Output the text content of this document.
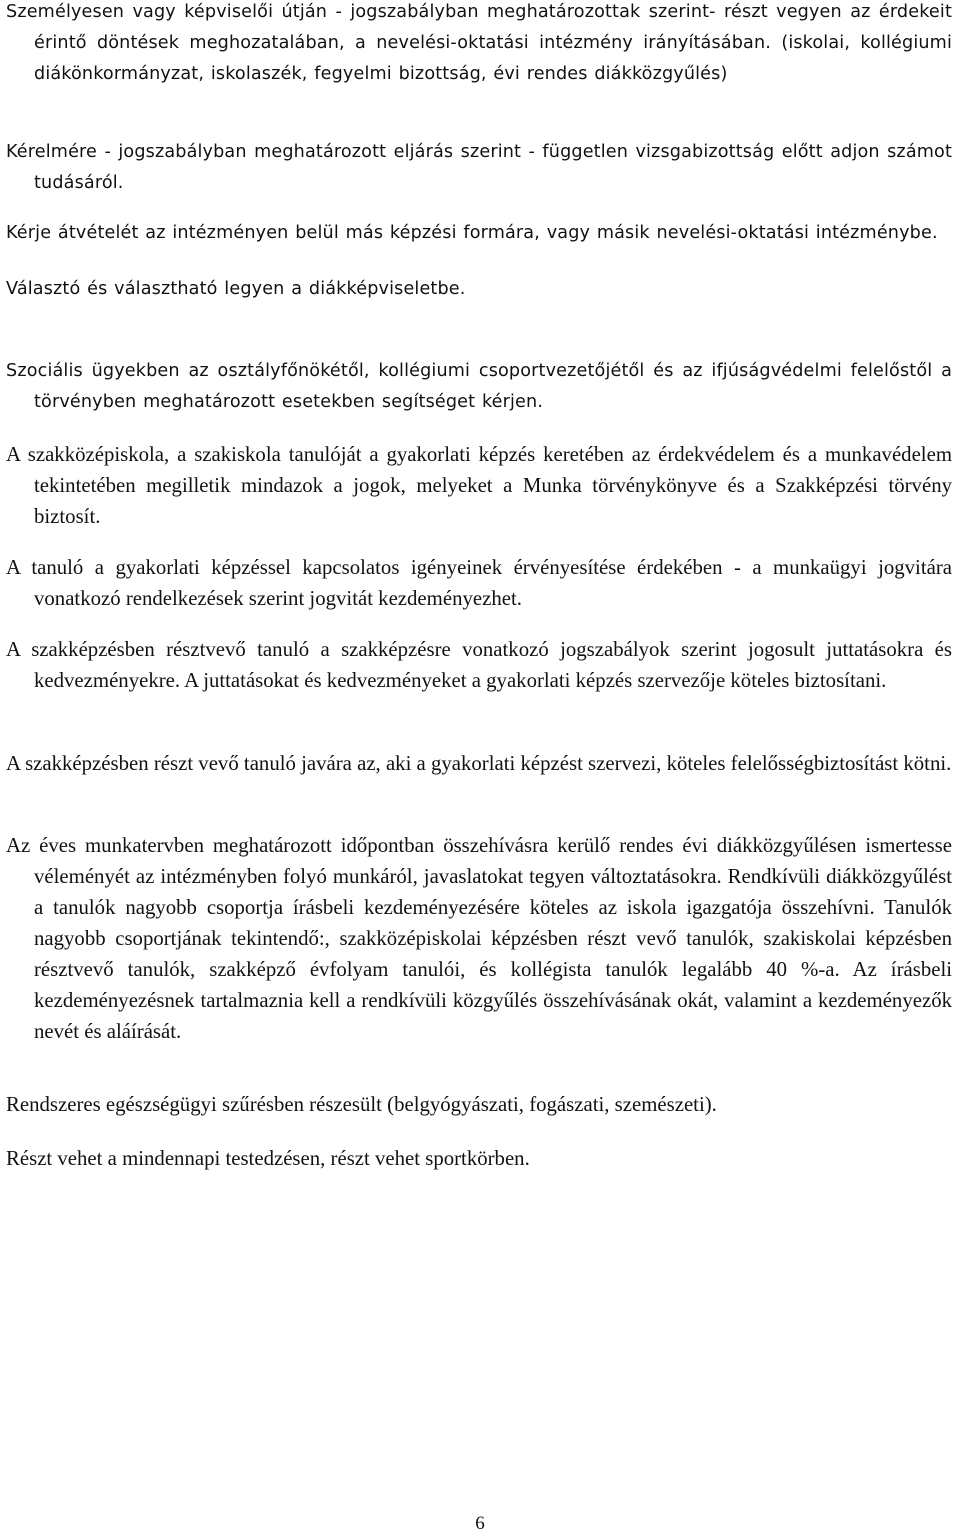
Személyesen vagy képviselői útján - jogszabályban meghatározottak szerint- részt vegyen az érdekeit érintő döntések meghozatalában, a nevelési-oktatási intézmény irányításában. (iskolai, kollégiumi diákönkormányzat, iskolaszék, fegyelmi bizottság, évi rendes diákközgyűlés)

Kérelmére - jogszabályban meghatározott eljárás szerint - független vizsgabizottság előtt adjon számot tudásáról.

Kérje átvételét az intézményen belül más képzési formára, vagy másik nevelési-oktatási intézménybe.

Választó és választható legyen a diákképviseletbe.

Szociális ügyekben az osztályfőnökétől, kollégiumi csoportvezetőjétől és az ifjúságvédelmi felelőstől a törvényben meghatározott esetekben segítséget kérjen.

A szakközépiskola, a szakiskola tanulóját a gyakorlati képzés keretében az érdekvédelem és a munkavédelem tekintetében megilletik mindazok a jogok, melyeket a Munka törvénykönyve és a Szakképzési törvény biztosít.

A tanuló a gyakorlati képzéssel kapcsolatos igényeinek érvényesítése érdekében - a munkaügyi jogvitára vonatkozó rendelkezések szerint jogvitát kezdeményezhet.

A szakképzésben résztvevő tanuló a szakképzésre vonatkozó jogszabályok szerint jogosult juttatásokra és kedvezményekre. A juttatásokat és kedvezményeket a gyakorlati képzés szervezője köteles biztosítani.

A szakképzésben részt vevő tanuló javára az, aki a gyakorlati képzést szervezi, köteles felelősségbiztosítást kötni.

Az éves munkatervben meghatározott időpontban összehívásra kerülő rendes évi diákközgyűlésen ismertesse véleményét az intézményben folyó munkáról, javaslatokat tegyen változtatásokra. Rendkívüli diákközgyűlést a tanulók nagyobb csoportja írásbeli kezdeményezésére köteles az iskola igazgatója összehívni. Tanulók nagyobb csoportjának tekintendő:, szakközépiskolai képzésben részt vevő tanulók, szakiskolai képzésben résztvevő tanulók, szakképző évfolyam tanulói, és kollégista tanulók legalább 40 %-a. Az írásbeli kezdeményezésnek tartalmaznia kell a rendkívüli közgyűlés összehívásának okát, valamint a kezdeményezők nevét és aláírását.

Rendszeres egészségügyi szűrésben részesült (belgyógyászati, fogászati, szemészeti).

Részt vehet a mindennapi testedzésen, részt vehet sportkörben.

6
